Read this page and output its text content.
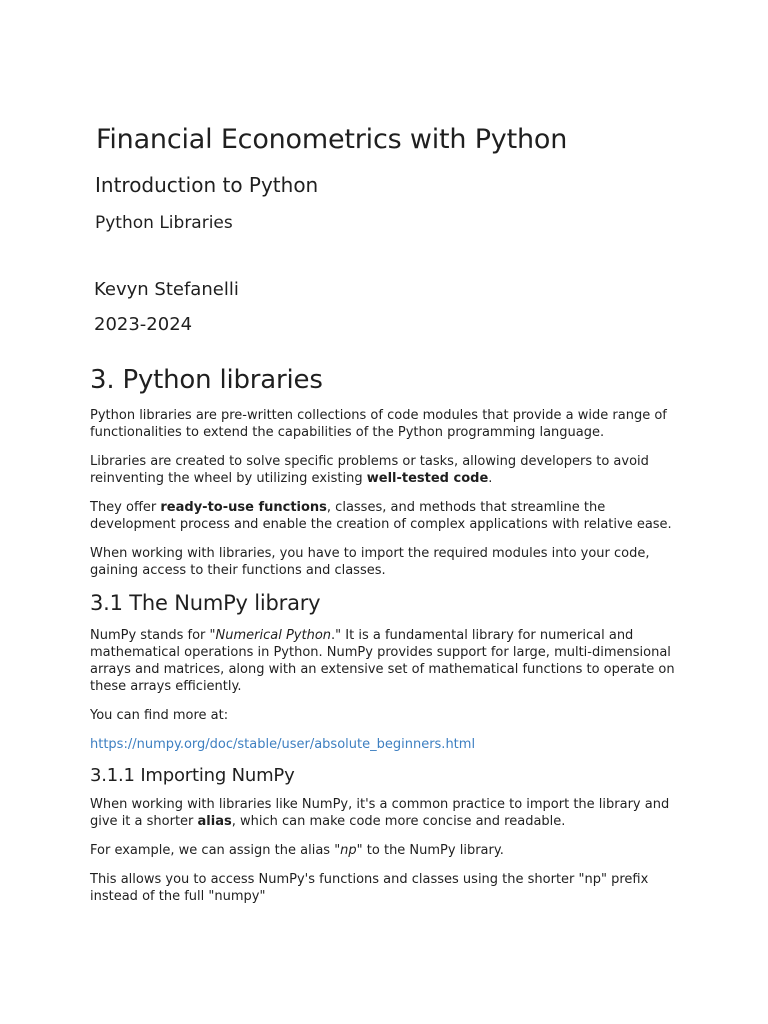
Financial Econometrics with Python
Introduction to Python
Python Libraries
Kevyn Stefanelli
2023-2024
3. Python libraries

Python libraries are pre-written collections of code modules that provide a wide range of functionalities to extend the capabilities of the Python programming language.

Libraries are created to solve specific problems or tasks, allowing developers to avoid reinventing the wheel by utilizing existing well-tested code.

They offer ready-to-use functions, classes, and methods that streamline the development process and enable the creation of complex applications with relative ease.

When working with libraries, you have to import the required modules into your code, gaining access to their functions and classes.

3.1 The NumPy library

NumPy stands for "Numerical Python." It is a fundamental library for numerical and mathematical operations in Python. NumPy provides support for large, multi-dimensional arrays and matrices, along with an extensive set of mathematical functions to operate on these arrays efficiently.

You can find more at:

https://numpy.org/doc/stable/user/absolute_beginners.html

3.1.1 Importing NumPy

When working with libraries like NumPy, it's a common practice to import the library and give it a shorter alias, which can make code more concise and readable.

For example, we can assign the alias "np" to the NumPy library.

This allows you to access NumPy's functions and classes using the shorter "np" prefix instead of the full "numpy"
